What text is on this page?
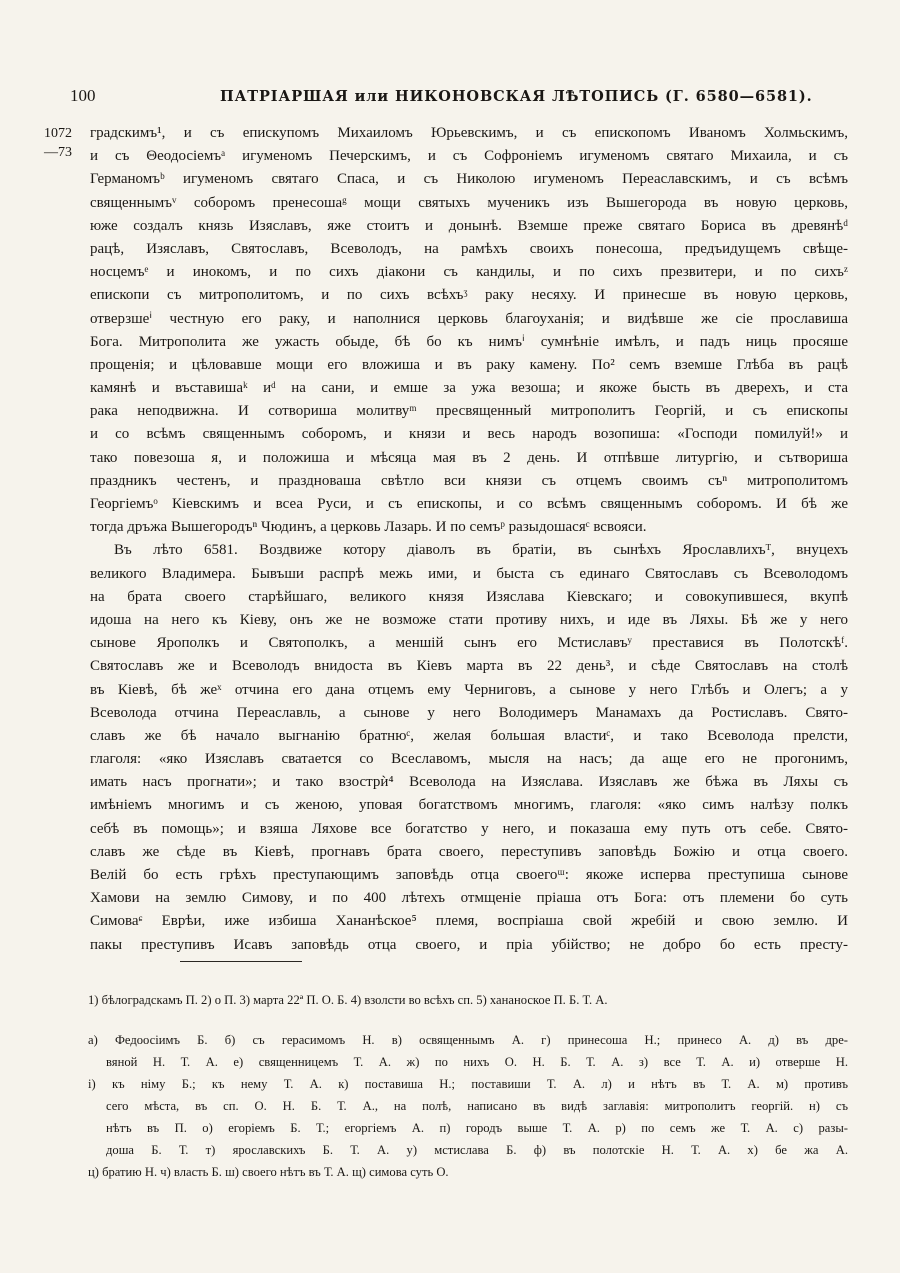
100	ПАТРІАРШАЯ или НИКОНОВСКАЯ ЛѢТОПИСЬ (Г. 6580—6581).
1072
—73
градскимъ¹, и съ епискупомъ Михаиломъ Юрьевскимъ, и съ епископомъ Иваномъ Холмьскимъ,
и съ Θеодосіемъᵃ игуменомъ Печерскимъ, и съ Софроніемъ игуменомъ святаго Михаила, и съ
Германомъᵇ игуменомъ святаго Спаса, и съ Николою игуменомъ Переаславскимъ, и съ всѣмъ
священнымъᵛ соборомъ пренесошаᵍ мощи святыхъ мученикъ изъ Вышегорода въ новую церковь,
юже создалъ князь Изяславъ, яже стоитъ и донынѣ. Вземше преже святаго Бориса въ древянѣᵈ
рацѣ, Изяславъ, Святославъ, Всеволодъ, на рамѣхъ своихъ понесоша, предъидущемъ свѣще-
носцемъᵉ и инокомъ, и по сихъ діакони съ кандилы, и по сихъ презвитери, и по сихъᶻ
епископи съ митрополитомъ, и по сихъ всѣхъᶾ раку несяху. И принесше въ новую церковь,
отверзшеⁱ честную его раку, и наполнися церковь благоуханія; и видѣвше же сіе прославиша
Бога. Митрополита же ужасть обыде, бѣ бо къ нимъⁱ сумнѣніе имѣлъ, и падъ ниць просяше
прощенія; и цѣловавше мощи его вложиша и въ раку камену. По² семъ вземше Глѣба въ рацѣ
камянѣ и въставишаᵏ иᵈ на сани, и емше за ужа везоша; и якоже бысть въ дверехъ, и ста
рака неподвижна. И сотвориша молитвуᵐ пресвященный митрополитъ Георгій, и съ епископы
и со всѣмъ священнымъ соборомъ, и князи и весь народъ возопиша: «Господи помилуй!» и
тако повезоша я, и положиша и мѣсяца мая въ 2 день. И отпѣвше литургію, и сътвориша
праздникъ честенъ, и праздноваша свѣтло вси князи съ отцемъ своимъ съⁿ митрополитомъ
Георгіемъᵒ Кіевскимъ и всеа Руси, и съ епископы, и со всѣмъ священнымъ соборомъ. И бѣ же
тогда дръжа Вышегородъⁿ Чюдинъ, а церковь Лазарь. И по семъᵖ разыдошасяᶜ всвояси.
Въ лѣто 6581. Воздвиже котору діаволъ въ братіи, въ сынѣхъ Ярославлихъᵀ, внуцехъ
великого Владимера. Бывъши распрѣ межь ими, и быста съ единаго Святославъ съ Всеволодомъ
на брата своего старѣйшаго, великого князя Изяслава Кіевскаго; и совокупившеся, вкупѣ
идоша на него къ Кіеву, онъ же не возможе стати противу нихъ, и иде въ Ляхы. Бѣ же у него
сынове Ярополкъ и Святополкъ, а меншій сынъ его Мстиславъʸ преставися въ Полотскѣᶠ.
Святославъ же и Всеволодъ внидоста въ Кіевъ марта въ 22 день³, и сѣде Святославъ на столѣ
въ Кіевѣ, бѣ жеˣ отчина его дана отцемъ ему Черниговъ, а сынове у него Глѣбъ и Олегъ; а у
Всеволода отчина Переаславль, а сынове у него Володимеръ Манамахъ да Ростиславъ. Свято-
славъ же бѣ начало выгнанію братнюᶜ, желая большая властиᶜ, и тако Всеволода прелсти,
глаголя: «яко Изяславъ сватается со Всеславомъ, мысля на насъ; да аще его не прогонимъ,
имать насъ прогнати»; и тако взострѝ⁴ Всеволода на Изяслава. Изяславъ же бѣжа въ Ляхы съ
имѣніемъ многимъ и съ женою, уповая богатствомъ многимъ, глаголя: «яко симъ налѣзу полкъ
себѣ въ помощь»; и взяша Ляхове все богатство у него, и показаша ему путь отъ себе. Свято-
славъ же сѣде въ Кіевѣ, прогнавъ брата своего, переступивъ заповѣдь Божію и отца своего.
Велій бо есть грѣхъ преступающимъ заповѣдь отца своегоᵚ: якоже исперва преступиша сынове
Хамови на землю Симову, и по 400 лѣтехъ отмщеніе пріаша отъ Бога: отъ племени бо суть
Симоваᶝ Еврѣи, иже избиша Хананѣское⁵ племя, воспріаша свой жребій и свою землю. И
пакы преступивъ Исавъ заповѣдь отца своего, и пріа убійство; не добро бо есть престу-
1) бѣлоградскамъ П. 2) о П. 3) марта 22ª П. О. Б. 4) взолсти во всѣхъ сп. 5) хананоское П. Б. Т. А.
а) Федоосіимъ Б. б) съ герасимомъ Н. в) освященнымъ А. г) принесоша Н.; принесо А. д) въ дре-
вяной Н. Т. А. е) священницемъ Т. А. ж) по нихъ О. Н. Б. Т. А. з) все Т. А. и) отверше Н.
і) къ німу Б.; къ нему Т. А. к) поставиша Н.; поставиши Т. А. л) и нѣтъ въ Т. А. м) противъ
сего мѣста, въ сп. О. Н. Б. Т. А., на полѣ, написано въ видѣ заглавія: митрополитъ георгій. н) съ
нѣтъ въ П. о) егоріемъ Б. Т.; егоргіемъ А. п) городъ выше Т. А. р) по семъ же Т. А. с) разы-
доша Б. Т. т) ярославскихъ Б. Т. А. у) мстислава Б. ф) въ полотскіе Н. Т. А. х) бе жа А.
ц) братию Н. ч) власть Б. ш) своего нѣтъ въ Т. А. щ) симова суть О.
